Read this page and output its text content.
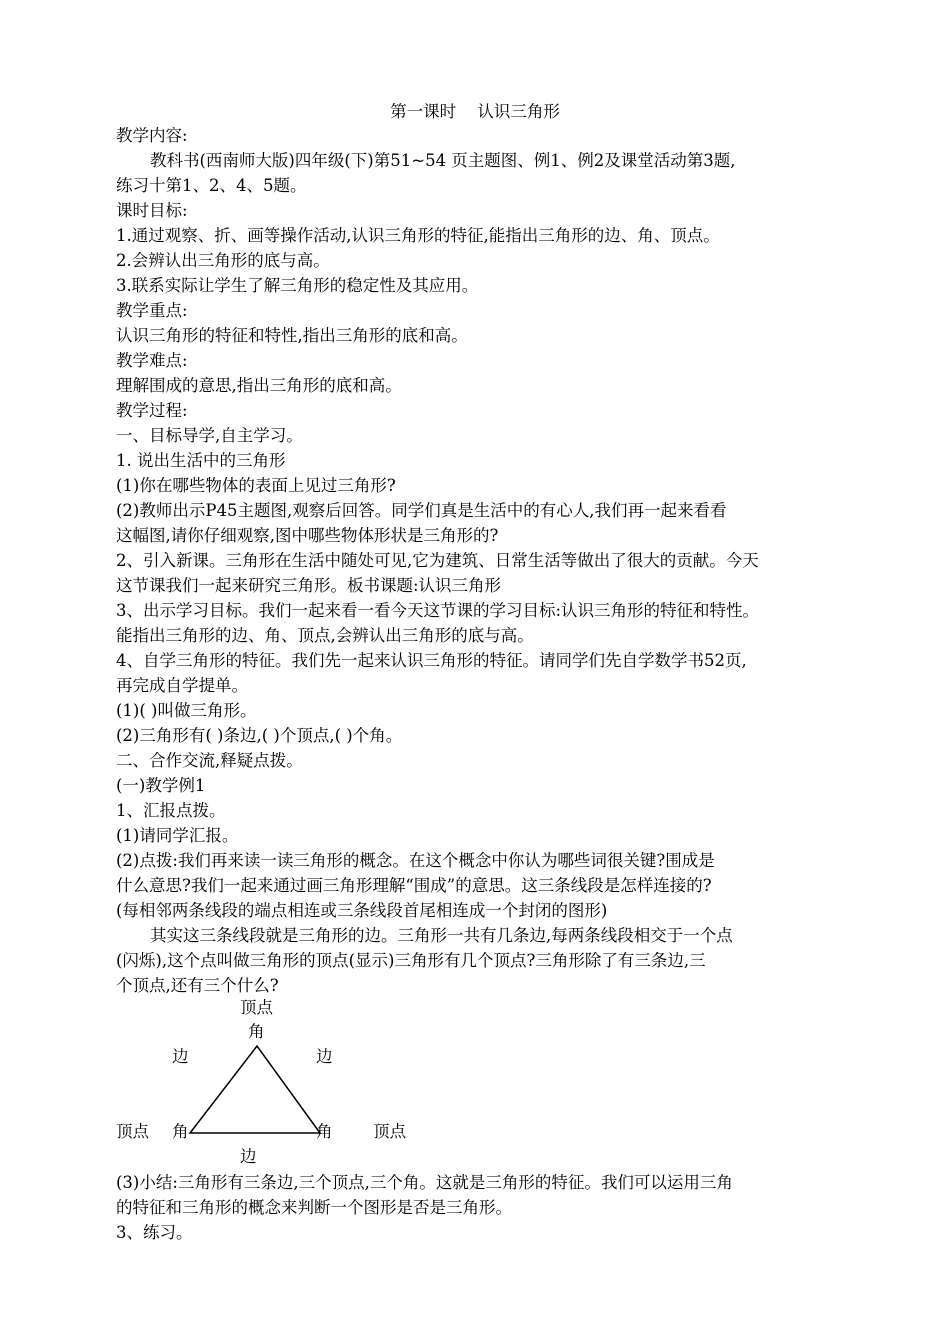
第一课时 认识三角形
教学内容:
教科书(西南师大版)四年级(下)第51~54 页主题图、例1、例2及课堂活动第3题,
练习十第1、2、4、5题。
课时目标:
1.通过观察、折、画等操作活动,认识三角形的特征,能指出三角形的边、角、顶点。
2.会辨认出三角形的底与高。
3.联系实际让学生了解三角形的稳定性及其应用。
教学重点:
认识三角形的特征和特性,指出三角形的底和高。
教学难点:
理解围成的意思,指出三角形的底和高。
教学过程:
一、目标导学,自主学习。
1. 说出生活中的三角形
(1)你在哪些物体的表面上见过三角形?
(2)教师出示P45主题图,观察后回答。同学们真是生活中的有心人,我们再一起来看看
这幅图,请你仔细观察,图中哪些物体形状是三角形的?
2、引入新课。三角形在生活中随处可见,它为建筑、日常生活等做出了很大的贡献。今天
这节课我们一起来研究三角形。板书课题:认识三角形
3、出示学习目标。我们一起来看一看今天这节课的学习目标:认识三角形的特征和特性。
能指出三角形的边、角、顶点,会辨认出三角形的底与高。
4、自学三角形的特征。我们先一起来认识三角形的特征。请同学们先自学数学书52页,
再完成自学提单。
(1)( )叫做三角形。
(2)三角形有( )条边,( )个顶点,( )个角。
二、合作交流,释疑点拨。
(一)教学例1
1、汇报点拨。
(1)请同学汇报。
(2)点拨:我们再来读一读三角形的概念。在这个概念中你认为哪些词很关键?围成是
什么意思?我们一起来通过画三角形理解“围成”的意思。这三条线段是怎样连接的?
(每相邻两条线段的端点相连或三条线段首尾相连成一个封闭的图形)
其实这三条线段就是三角形的边。三角形一共有几条边,每两条线段相交于一个点
(闪烁),这个点叫做三角形的顶点(显示)三角形有几个顶点?三角形除了有三条边,三
个顶点,还有三个什么?
顶点
角
边	边
顶点 角	角 顶点
边
(3)小结:三角形有三条边,三个顶点,三个角。这就是三角形的特征。我们可以运用三角
的特征和三角形的概念来判断一个图形是否是三角形。
3、练习。
